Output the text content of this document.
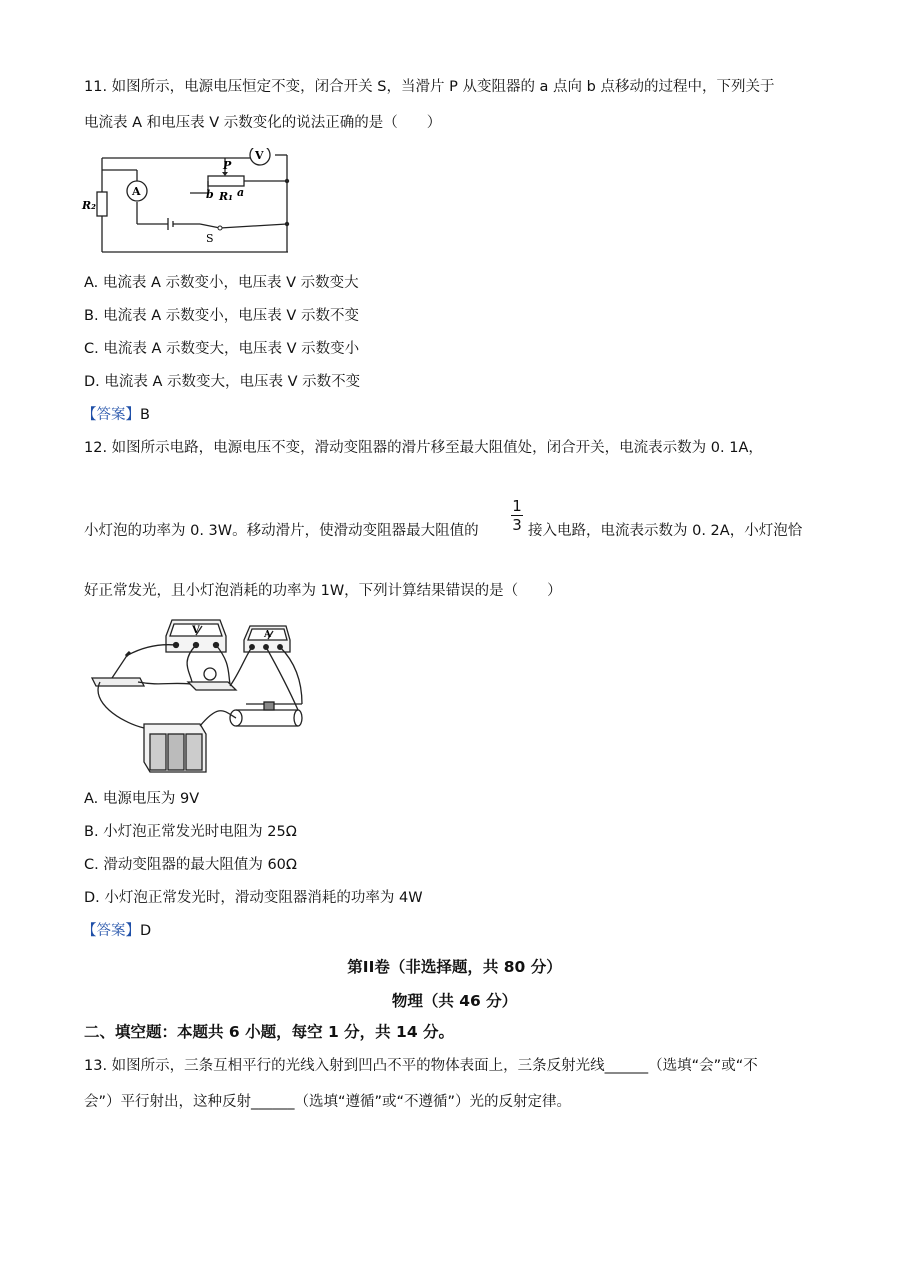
11. 如图所示，电源电压恒定不变，闭合开关 S，当滑片 P 从变阻器的 a 点向 b 点移动的过程中，下列关于
电流表 A 和电压表 V 示数变化的说法正确的是（　　）
V
A
P
b R₁ a
R₂
S
A. 电流表 A 示数变小，电压表 V 示数变大
B. 电流表 A 示数变小，电压表 V 示数不变
C. 电流表 A 示数变大，电压表 V 示数变小
D. 电流表 A 示数变大，电压表 V 示数不变
【答案】B
12. 如图所示电路，电源电压不变，滑动变阻器的滑片移至最大阻值处，闭合开关，电流表示数为 0. 1A，
小灯泡的功率为 0. 3W。移动滑片，使滑动变阻器最大阻值的 $\frac{1}{3}$ 接入电路，电流表示数为 0. 2A，小灯泡恰
好正常发光，且小灯泡消耗的功率为 1W，下列计算结果错误的是（　　）
V	A
A. 电源电压为 9V
B. 小灯泡正常发光时电阻为 25Ω
C. 滑动变阻器的最大阻值为 60Ω
D. 小灯泡正常发光时，滑动变阻器消耗的功率为 4W
【答案】D
第II卷（非选择题，共 80 分）
物理（共 46 分）
二、填空题：本题共 6 小题，每空 1 分，共 14 分。
13. 如图所示，三条互相平行的光线入射到凹凸不平的物体表面上，三条反射光线______（选填“会”或“不
会”）平行射出，这种反射______（选填“遵循”或“不遵循”）光的反射定律。
